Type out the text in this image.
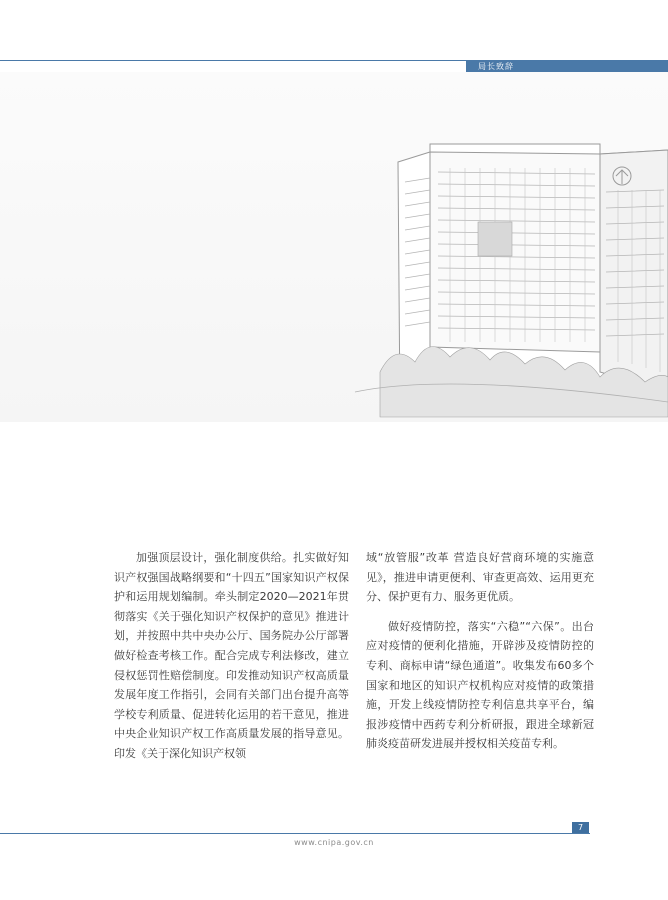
局长致辞

加强顶层设计，强化制度供给。扎实做好知识产权强国战略纲要和“十四五”国家知识产权保护和运用规划编制。牵头制定2020—2021年贯彻落实《关于强化知识产权保护的意见》推进计划，并按照中共中央办公厅、国务院办公厅部署做好检查考核工作。配合完成专利法修改，建立侵权惩罚性赔偿制度。印发推动知识产权高质量发展年度工作指引，会同有关部门出台提升高等学校专利质量、促进转化运用的若干意见，推进中央企业知识产权工作高质量发展的指导意见。印发《关于深化知识产权领

域“放管服”改革 营造良好营商环境的实施意见》，推进申请更便利、审查更高效、运用更充分、保护更有力、服务更优质。

做好疫情防控，落实“六稳”“六保”。出台应对疫情的便利化措施，开辟涉及疫情防控的专利、商标申请“绿色通道”。收集发布60多个国家和地区的知识产权机构应对疫情的政策措施，开发上线疫情防控专利信息共享平台，编报涉疫情中西药专利分析研报，跟进全球新冠肺炎疫苗研发进展并授权相关疫苗专利。

7
www.cnipa.gov.cn
